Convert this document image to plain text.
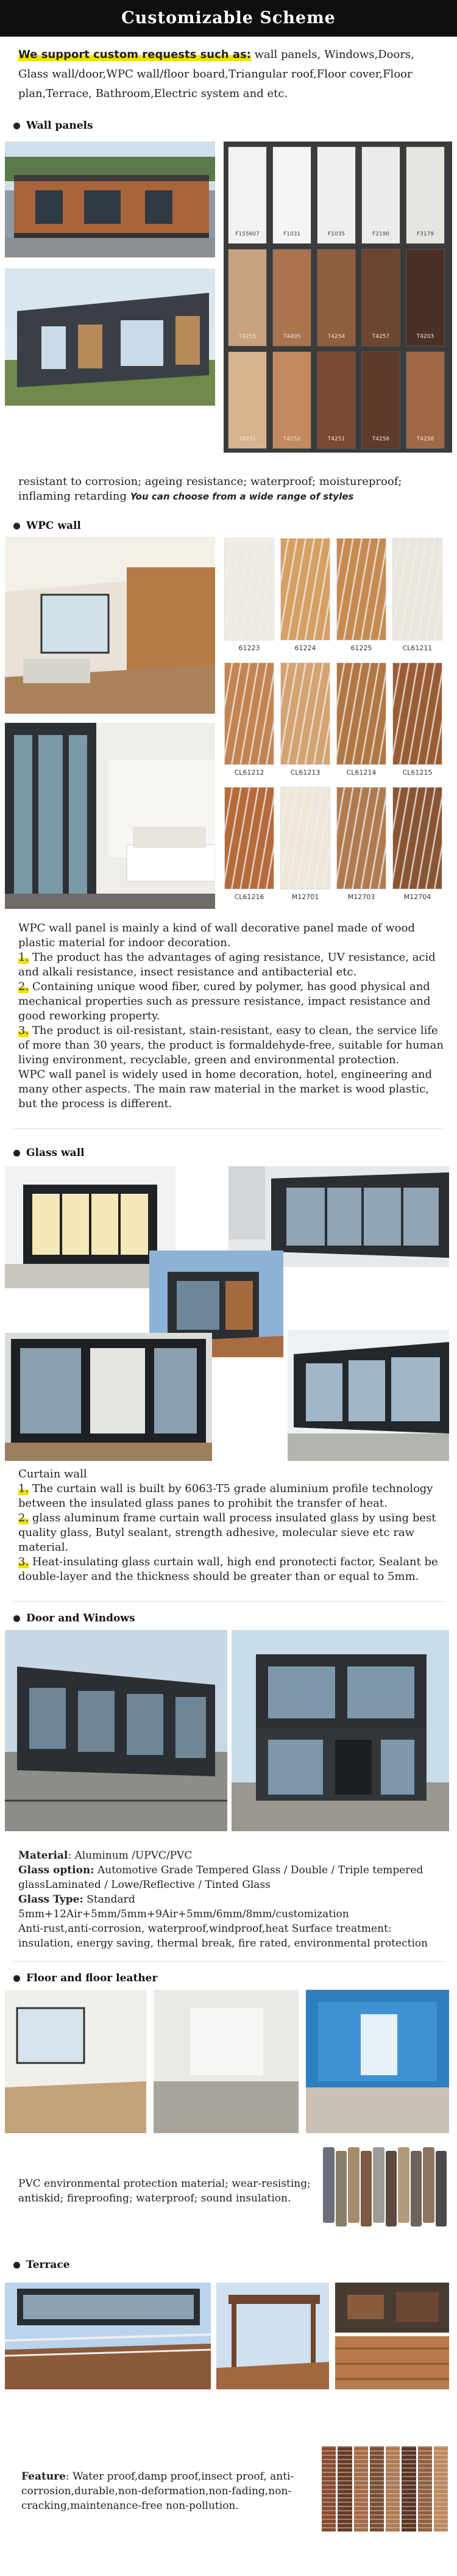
Customizable Scheme
We support custom requests such as: wall panels, Windows,Doors, Glass wall/door,WPC wall/floor board,Triangular roof,Floor cover,Floor plan,Terrace, Bathroom,Electric system and etc.
Wall panels
F155607	F1031	F1035	F2190	F3179
T4255	T4405	T4254	T4257	T4203
T4251	T4252	T4251	T4256	T4258
resistant to corrosion; ageing resistance; waterproof; moistureproof; inflaming retarding You can choose from a wide range of styles
WPC wall
61223	61224	61225	CL61211
CL61212	CL61213	CL61214	CL61215
CL61216	M12701	M12703	M12704
WPC wall panel is mainly a kind of wall decorative panel made of wood plastic material for indoor decoration.
1. The product has the advantages of aging resistance, UV resistance, acid and alkali resistance, insect resistance and antibacterial etc.
2. Containing unique wood fiber, cured by polymer, has good physical and mechanical properties such as pressure resistance, impact resistance and good reworking property.
3. The product is oil-resistant, stain-resistant, easy to clean, the service life of more than 30 years, the product is formaldehyde-free, suitable for human living environment, recyclable, green and environmental protection.
WPC wall panel is widely used in home decoration, hotel, engineering and many other aspects. The main raw material in the market is wood plastic, but the process is different.
Glass wall
Curtain wall
1. The curtain wall is built by 6063-T5 grade aluminium profile technology between the insulated glass panes to prohibit the transfer of heat.
2. glass aluminum frame curtain wall process insulated glass by using best quality glass, Butyl sealant, strength adhesive, molecular sieve etc raw material.
3. Heat-insulating glass curtain wall, high end pronotecti factor, Sealant be double-layer and the thickness should be greater than or equal to 5mm.
Door and Windows
Material: Aluminum /UPVC/PVC
Glass option: Automotive Grade Tempered Glass / Double / Triple tempered glassLaminated / Lowe/Reflective / Tinted Glass
Glass Type: Standard 5mm+12Air+5mm/5mm+9Air+5mm/6mm/8mm/customization
Anti-rust,anti-corrosion, waterproof,windproof,heat Surface treatment: insulation, energy saving, thermal break, fire rated, environmental protection
Floor and floor leather
PVC environmental protection material; wear-resisting; antiskid; fireproofing; waterproof; sound insulation.
Terrace
Feature: Water proof,damp proof,insect proof, anti-corrosion,durable,non-deformation,non-fading,non-cracking,maintenance-free non-pollution.
